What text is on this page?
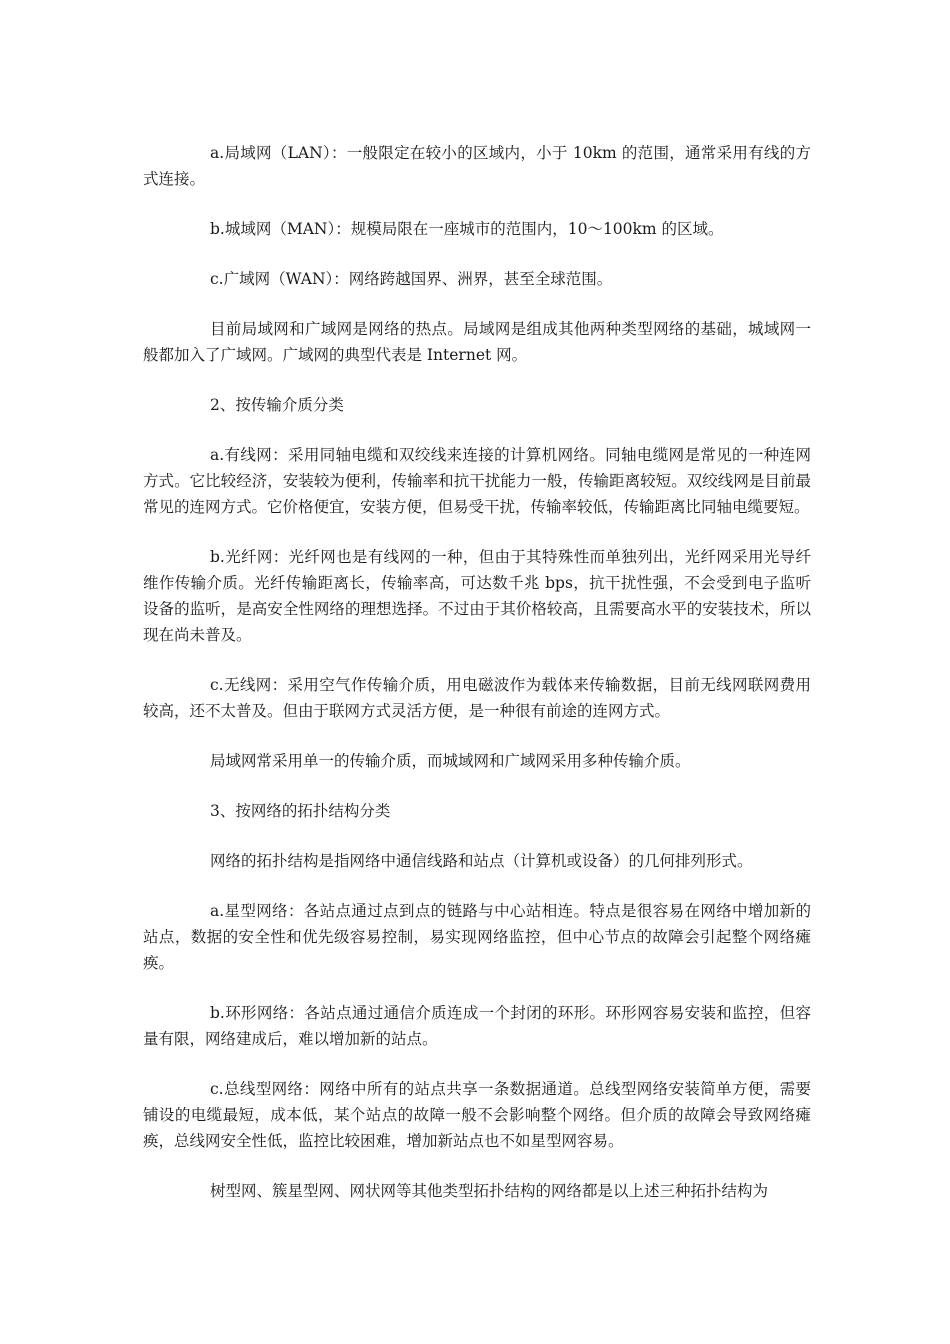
a.局域网（LAN）：一般限定在较小的区域内，小于 10km 的范围，通常采用有线的方式连接。

b.城域网（MAN）：规模局限在一座城市的范围内，10～100km 的区域。

c.广域网（WAN）：网络跨越国界、洲界，甚至全球范围。

目前局域网和广域网是网络的热点。局域网是组成其他两种类型网络的基础，城域网一般都加入了广域网。广域网的典型代表是 Internet 网。

2、按传输介质分类

a.有线网：采用同轴电缆和双绞线来连接的计算机网络。同轴电缆网是常见的一种连网方式。它比较经济，安装较为便利，传输率和抗干扰能力一般，传输距离较短。双绞线网是目前最常见的连网方式。它价格便宜，安装方便，但易受干扰，传输率较低，传输距离比同轴电缆要短。

b.光纤网：光纤网也是有线网的一种，但由于其特殊性而单独列出，光纤网采用光导纤维作传输介质。光纤传输距离长，传输率高，可达数千兆 bps，抗干扰性强，不会受到电子监听设备的监听，是高安全性网络的理想选择。不过由于其价格较高，且需要高水平的安装技术，所以现在尚未普及。

c.无线网：采用空气作传输介质，用电磁波作为载体来传输数据，目前无线网联网费用较高，还不太普及。但由于联网方式灵活方便，是一种很有前途的连网方式。

局域网常采用单一的传输介质，而城域网和广域网采用多种传输介质。

3、按网络的拓扑结构分类

网络的拓扑结构是指网络中通信线路和站点（计算机或设备）的几何排列形式。

a.星型网络：各站点通过点到点的链路与中心站相连。特点是很容易在网络中增加新的站点，数据的安全性和优先级容易控制，易实现网络监控，但中心节点的故障会引起整个网络瘫痪。

b.环形网络：各站点通过通信介质连成一个封闭的环形。环形网容易安装和监控，但容量有限，网络建成后，难以增加新的站点。

c.总线型网络：网络中所有的站点共享一条数据通道。总线型网络安装简单方便，需要铺设的电缆最短，成本低，某个站点的故障一般不会影响整个网络。但介质的故障会导致网络瘫痪，总线网安全性低，监控比较困难，增加新站点也不如星型网容易。

树型网、簇星型网、网状网等其他类型拓扑结构的网络都是以上述三种拓扑结构为
